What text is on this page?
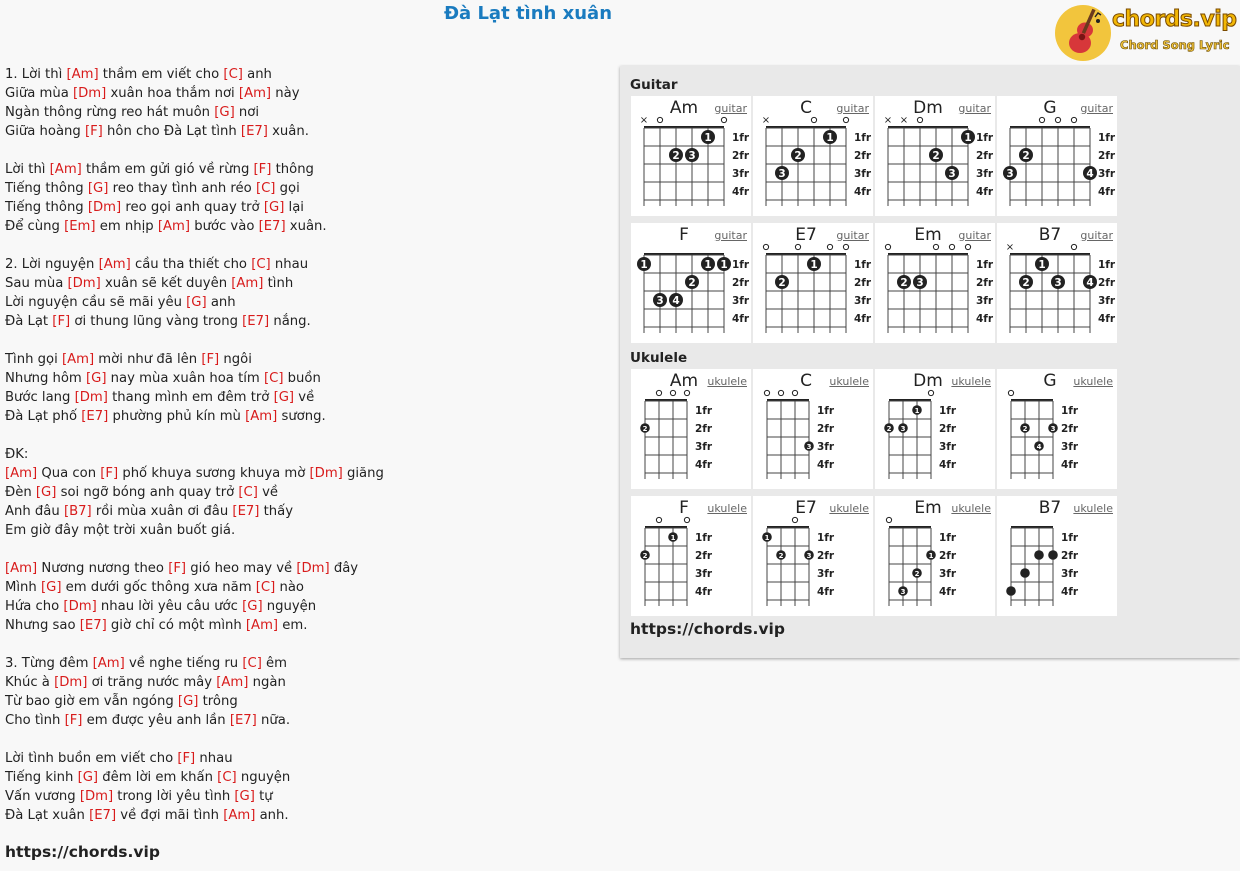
Đà Lạt tình xuân	chords.vip
Chord Song Lyric
1. Lời thì [Am] thầm em viết cho [C] anh
Giữa mùa [Dm] xuân hoa thắm nơi [Am] này
Ngàn thông rừng reo hát muôn [G] nơi
Giữa hoàng [F] hôn cho Đà Lạt tình [E7] xuân.
Lời thì [Am] thầm em gửi gió về rừng [F] thông
Tiếng thông [G] reo thay tình anh réo [C] gọi
Tiếng thông [Dm] reo gọi anh quay trở [G] lại
Để cùng [Em] em nhịp [Am] bước vào [E7] xuân.
2. Lời nguyện [Am] cầu tha thiết cho [C] nhau
Sau mùa [Dm] xuân sẽ kết duyên [Am] tình
Lời nguyện cầu sẽ mãi yêu [G] anh
Đà Lạt [F] ơi thung lũng vàng trong [E7] nắng.
Tình gọi [Am] mời như đã lên [F] ngôi
Nhưng hôm [G] nay mùa xuân hoa tím [C] buồn
Bước lang [Dm] thang mình em đêm trở [G] về
Đà Lạt phố [E7] phường phủ kín mù [Am] sương.
ĐK:
[Am] Qua con [F] phố khuya sương khuya mờ [Dm] giăng
Đèn [G] soi ngỡ bóng anh quay trở [C] về
Anh đâu [B7] rồi mùa xuân ơi đâu [E7] thấy
Em giờ đây một trời xuân buốt giá.
[Am] Nương nương theo [F] gió heo may về [Dm] đây
Mình [G] em dưới gốc thông xưa năm [C] nào
Hứa cho [Dm] nhau lời yêu câu ước [G] nguyện
Nhưng sao [E7] giờ chỉ có một mình [Am] em.
3. Từng đêm [Am] về nghe tiếng ru [C] êm
Khúc à [Dm] ơi trăng nước mây [Am] ngàn
Từ bao giờ em vẫn ngóng [G] trông
Cho tình [F] em được yêu anh lần [E7] nữa.
Lời tình buồn em viết cho [F] nhau
Tiếng kinh [G] đêm lời em khấn [C] nguyện
Vấn vương [Dm] trong lời yêu tình [G] tự
Đà Lạt xuân [E7] về đợi mãi tình [Am] anh.
https://chords.vip
Guitar
Ukulele
https://chords.vip
Am	guitar
1fr
2fr
3fr
4fr
×
2 3
1
C	guitar
1fr
2fr
3fr
4fr
×
3
2
1
Dm	guitar
1fr
2fr
3fr
4fr
× ×
2
3
1
G	guitar
1fr
2fr
3fr
4fr
3
2
4
F	guitar
1fr
2fr
3fr
4fr
1
3 4
2
1 1
E7	guitar
1fr
2fr
3fr
4fr
2
1
Em	guitar
1fr
2fr
3fr
4fr
2 3
B7	guitar
1fr
2fr
3fr
4fr
×
2
1
3 4
Am ukulele
1fr
2fr
3fr
4fr
2
C	ukulele
1fr
2fr
3fr
4fr
3
Dm ukulele
1fr
2fr
3fr
4fr
2 3
1
G	ukulele
1fr
2fr
3fr
4fr
2
4
3
F	ukulele
1fr
2fr
3fr
4fr
2
1
E7	ukulele
1fr
2fr
3fr
4fr
1
2	3
Em ukulele
1fr
2fr
3fr
4fr
3
2
1
B7	ukulele
1fr
2fr
3fr
4fr
